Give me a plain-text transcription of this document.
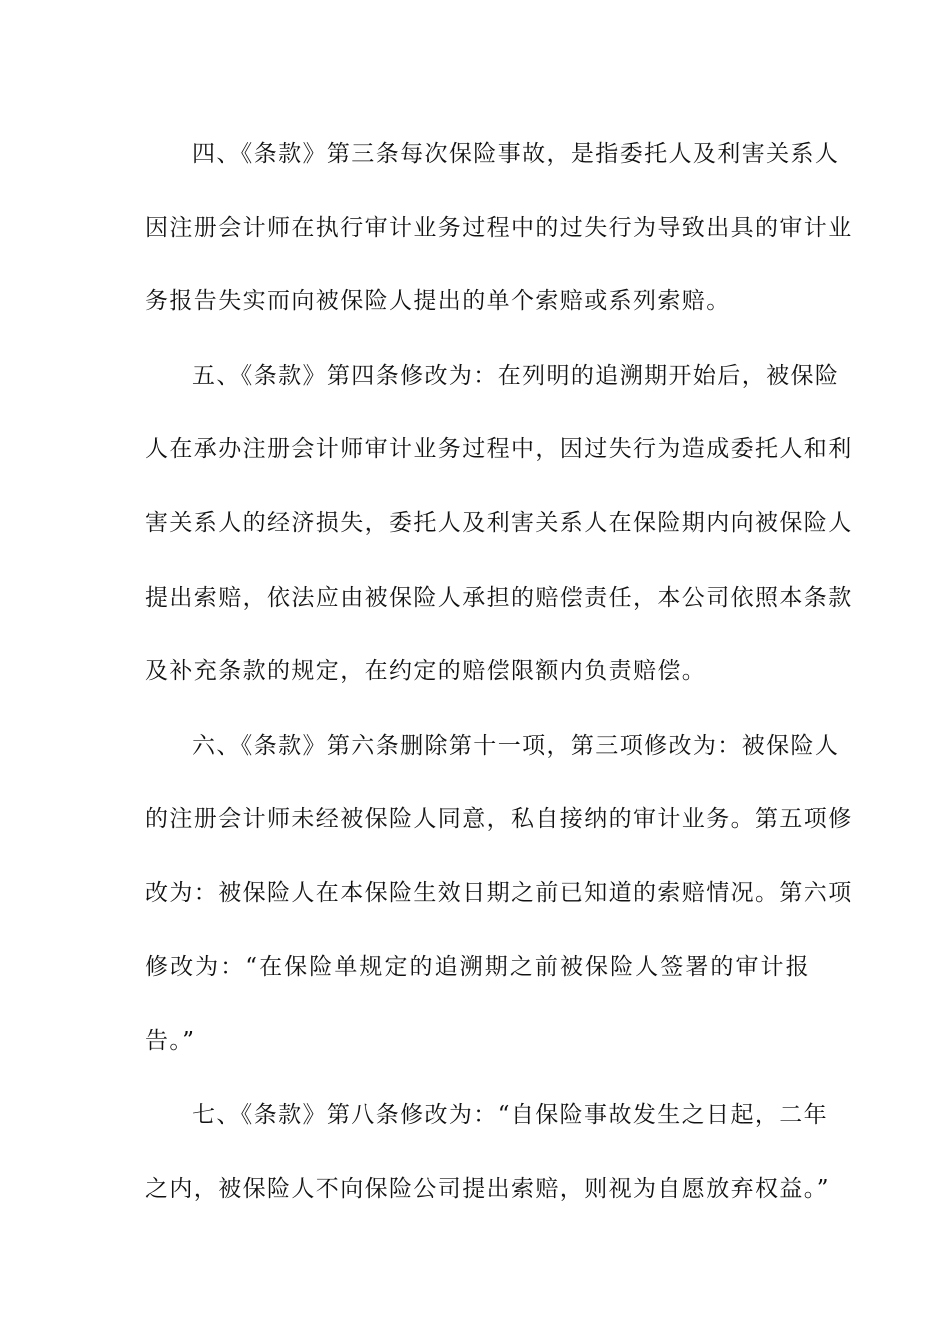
四、《条款》第三条每次保险事故，是指委托人及利害关系人
因注册会计师在执行审计业务过程中的过失行为导致出具的审计业
务报告失实而向被保险人提出的单个索赔或系列索赔。
五、《条款》第四条修改为：在列明的追溯期开始后，被保险
人在承办注册会计师审计业务过程中，因过失行为造成委托人和利
害关系人的经济损失，委托人及利害关系人在保险期内向被保险人
提出索赔，依法应由被保险人承担的赔偿责任，本公司依照本条款
及补充条款的规定，在约定的赔偿限额内负责赔偿。
六、《条款》第六条删除第十一项，第三项修改为：被保险人
的注册会计师未经被保险人同意，私自接纳的审计业务。第五项修
改为：被保险人在本保险生效日期之前已知道的索赔情况。第六项
修改为：“在保险单规定的追溯期之前被保险人签署的审计报
告。”
七、《条款》第八条修改为：“自保险事故发生之日起，二年
之内，被保险人不向保险公司提出索赔，则视为自愿放弃权益。”
